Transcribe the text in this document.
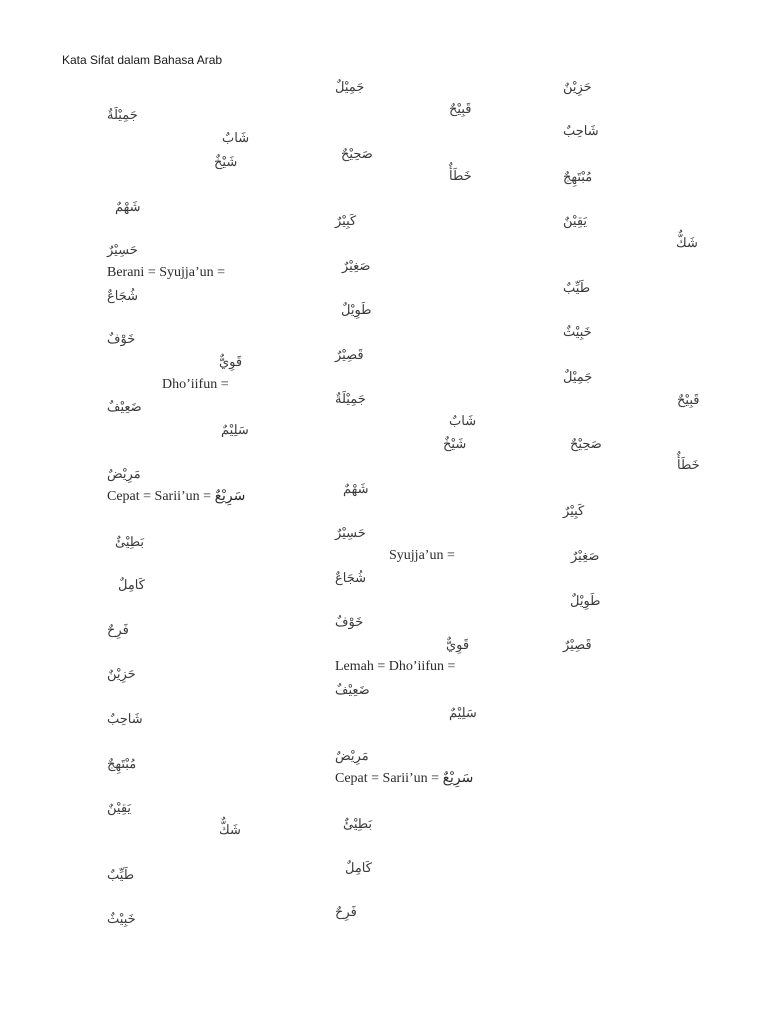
Kata Sifat dalam Bahasa Arab
جَمِيْلَةٌ
شَابٌ
شَيْخٌ
شَهْمٌ
حَسِيْرٌ
Berani = Syujja’un =
شُجَاعٌ
خَوْفٌ
قَوِيٌّ
Dho’iifun =
ضَعِيْفٌ
سَلِيْمٌ
مَرِيْضٌ
Cepat = Sarii’un = سَرِيْعٌ
بَطِيْئٌ
كَامِلٌ
فَرِحٌ
حَزِيْنٌ
شَاحِبٌ
مُبْتَهِجٌ
يَقِيْنٌ
شَكٌّ
طَيِّبٌ
خَبِيْثٌ
جَمِيْلٌ
قَبِيْحٌ
صَحِيْحٌ
خَطَأٌ
كَبِيْرٌ
صَغِيْرٌ
طَوِيْلٌ
قَصِيْرٌ
جَمِيْلَةٌ
شَابٌ
شَيْخٌ
شَهْمٌ
حَسِيْرٌ
Syujja’un =
شُجَاعٌ
خَوْفٌ
قَوِيٌّ
Lemah = Dho’iifun =
ضَعِيْفٌ
سَلِيْمٌ
مَرِيْضٌ
Cepat = Sarii’un = سَرِيْعٌ
بَطِيْئٌ
كَامِلٌ
فَرِحٌ
حَزِيْنٌ
شَاحِبٌ
مُبْتَهِجٌ
يَقِيْنٌ
شَكٌّ
طَيِّبٌ
خَبِيْثٌ
جَمِيْلٌ
قَبِيْحٌ
صَحِيْحٌ
خَطَأٌ
كَبِيْرٌ
صَغِيْرٌ
طَوِيْلٌ
قَصِيْرٌ
